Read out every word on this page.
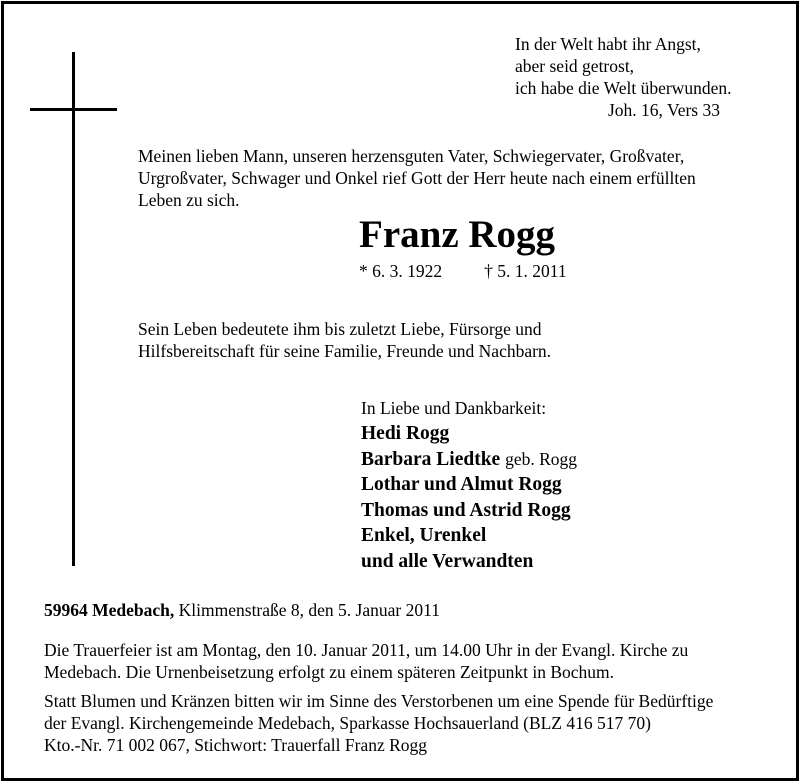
In der Welt habt ihr Angst,
aber seid getrost,
ich habe die Welt überwunden.
Joh. 16, Vers 33
Meinen lieben Mann, unseren herzensguten Vater, Schwiegervater, Großvater,
Urgroßvater, Schwager und Onkel rief Gott der Herr heute nach einem erfüllten
Leben zu sich.
Franz Rogg
* 6. 3. 1922 † 5. 1. 2011
Sein Leben bedeutete ihm bis zuletzt Liebe, Fürsorge und
Hilfsbereitschaft für seine Familie, Freunde und Nachbarn.
In Liebe und Dankbarkeit:
Hedi Rogg
Barbara Liedtke geb. Rogg
Lothar und Almut Rogg
Thomas und Astrid Rogg
Enkel, Urenkel
und alle Verwandten
59964 Medebach, Klimmenstraße 8, den 5. Januar 2011
Die Trauerfeier ist am Montag, den 10. Januar 2011, um 14.00 Uhr in der Evangl. Kirche zu
Medebach. Die Urnenbeisetzung erfolgt zu einem späteren Zeitpunkt in Bochum.
Statt Blumen und Kränzen bitten wir im Sinne des Verstorbenen um eine Spende für Bedürftige
der Evangl. Kirchengemeinde Medebach, Sparkasse Hochsauerland (BLZ 416 517 70)
Kto.-Nr. 71 002 067, Stichwort: Trauerfall Franz Rogg
